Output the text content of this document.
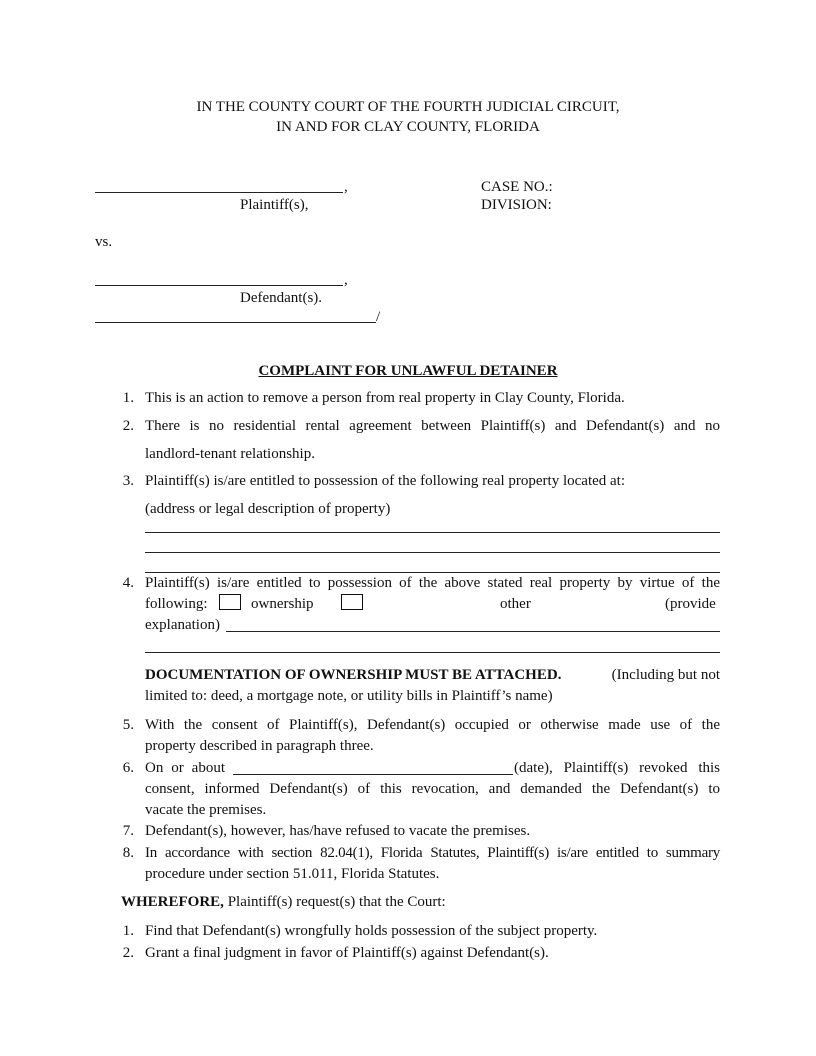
IN THE COUNTY COURT OF THE FOURTH JUDICIAL CIRCUIT,
IN AND FOR CLAY COUNTY, FLORIDA
,
Plaintiff(s),
CASE NO.:
DIVISION:
vs.
,
Defendant(s).
/
COMPLAINT FOR UNLAWFUL DETAINER
1. This is an action to remove a person from real property in Clay County, Florida.
2. There is no residential rental agreement between Plaintiff(s) and Defendant(s) and no
landlord-tenant relationship.
3. Plaintiff(s) is/are entitled to possession of the following real property located at:
(address or legal description of property)
4. Plaintiff(s) is/are entitled to possession of the above stated real property by virtue of the
following:	ownership	other	(provide
explanation)
DOCUMENTATION OF OWNERSHIP MUST BE ATTACHED.	(Including but not
limited to: deed, a mortgage note, or utility bills in Plaintiff’s name)
5. With the consent of Plaintiff(s), Defendant(s) occupied or otherwise made use of the
property described in paragraph three.
6. On or about	(date), Plaintiff(s) revoked this
consent, informed Defendant(s) of this revocation, and demanded the Defendant(s) to
vacate the premises.
7. Defendant(s), however, has/have refused to vacate the premises.
8. In accordance with section 82.04(1), Florida Statutes, Plaintiff(s) is/are entitled to summary
procedure under section 51.011, Florida Statutes.
WHEREFORE, Plaintiff(s) request(s) that the Court:
1. Find that Defendant(s) wrongfully holds possession of the subject property.
2. Grant a final judgment in favor of Plaintiff(s) against Defendant(s).
